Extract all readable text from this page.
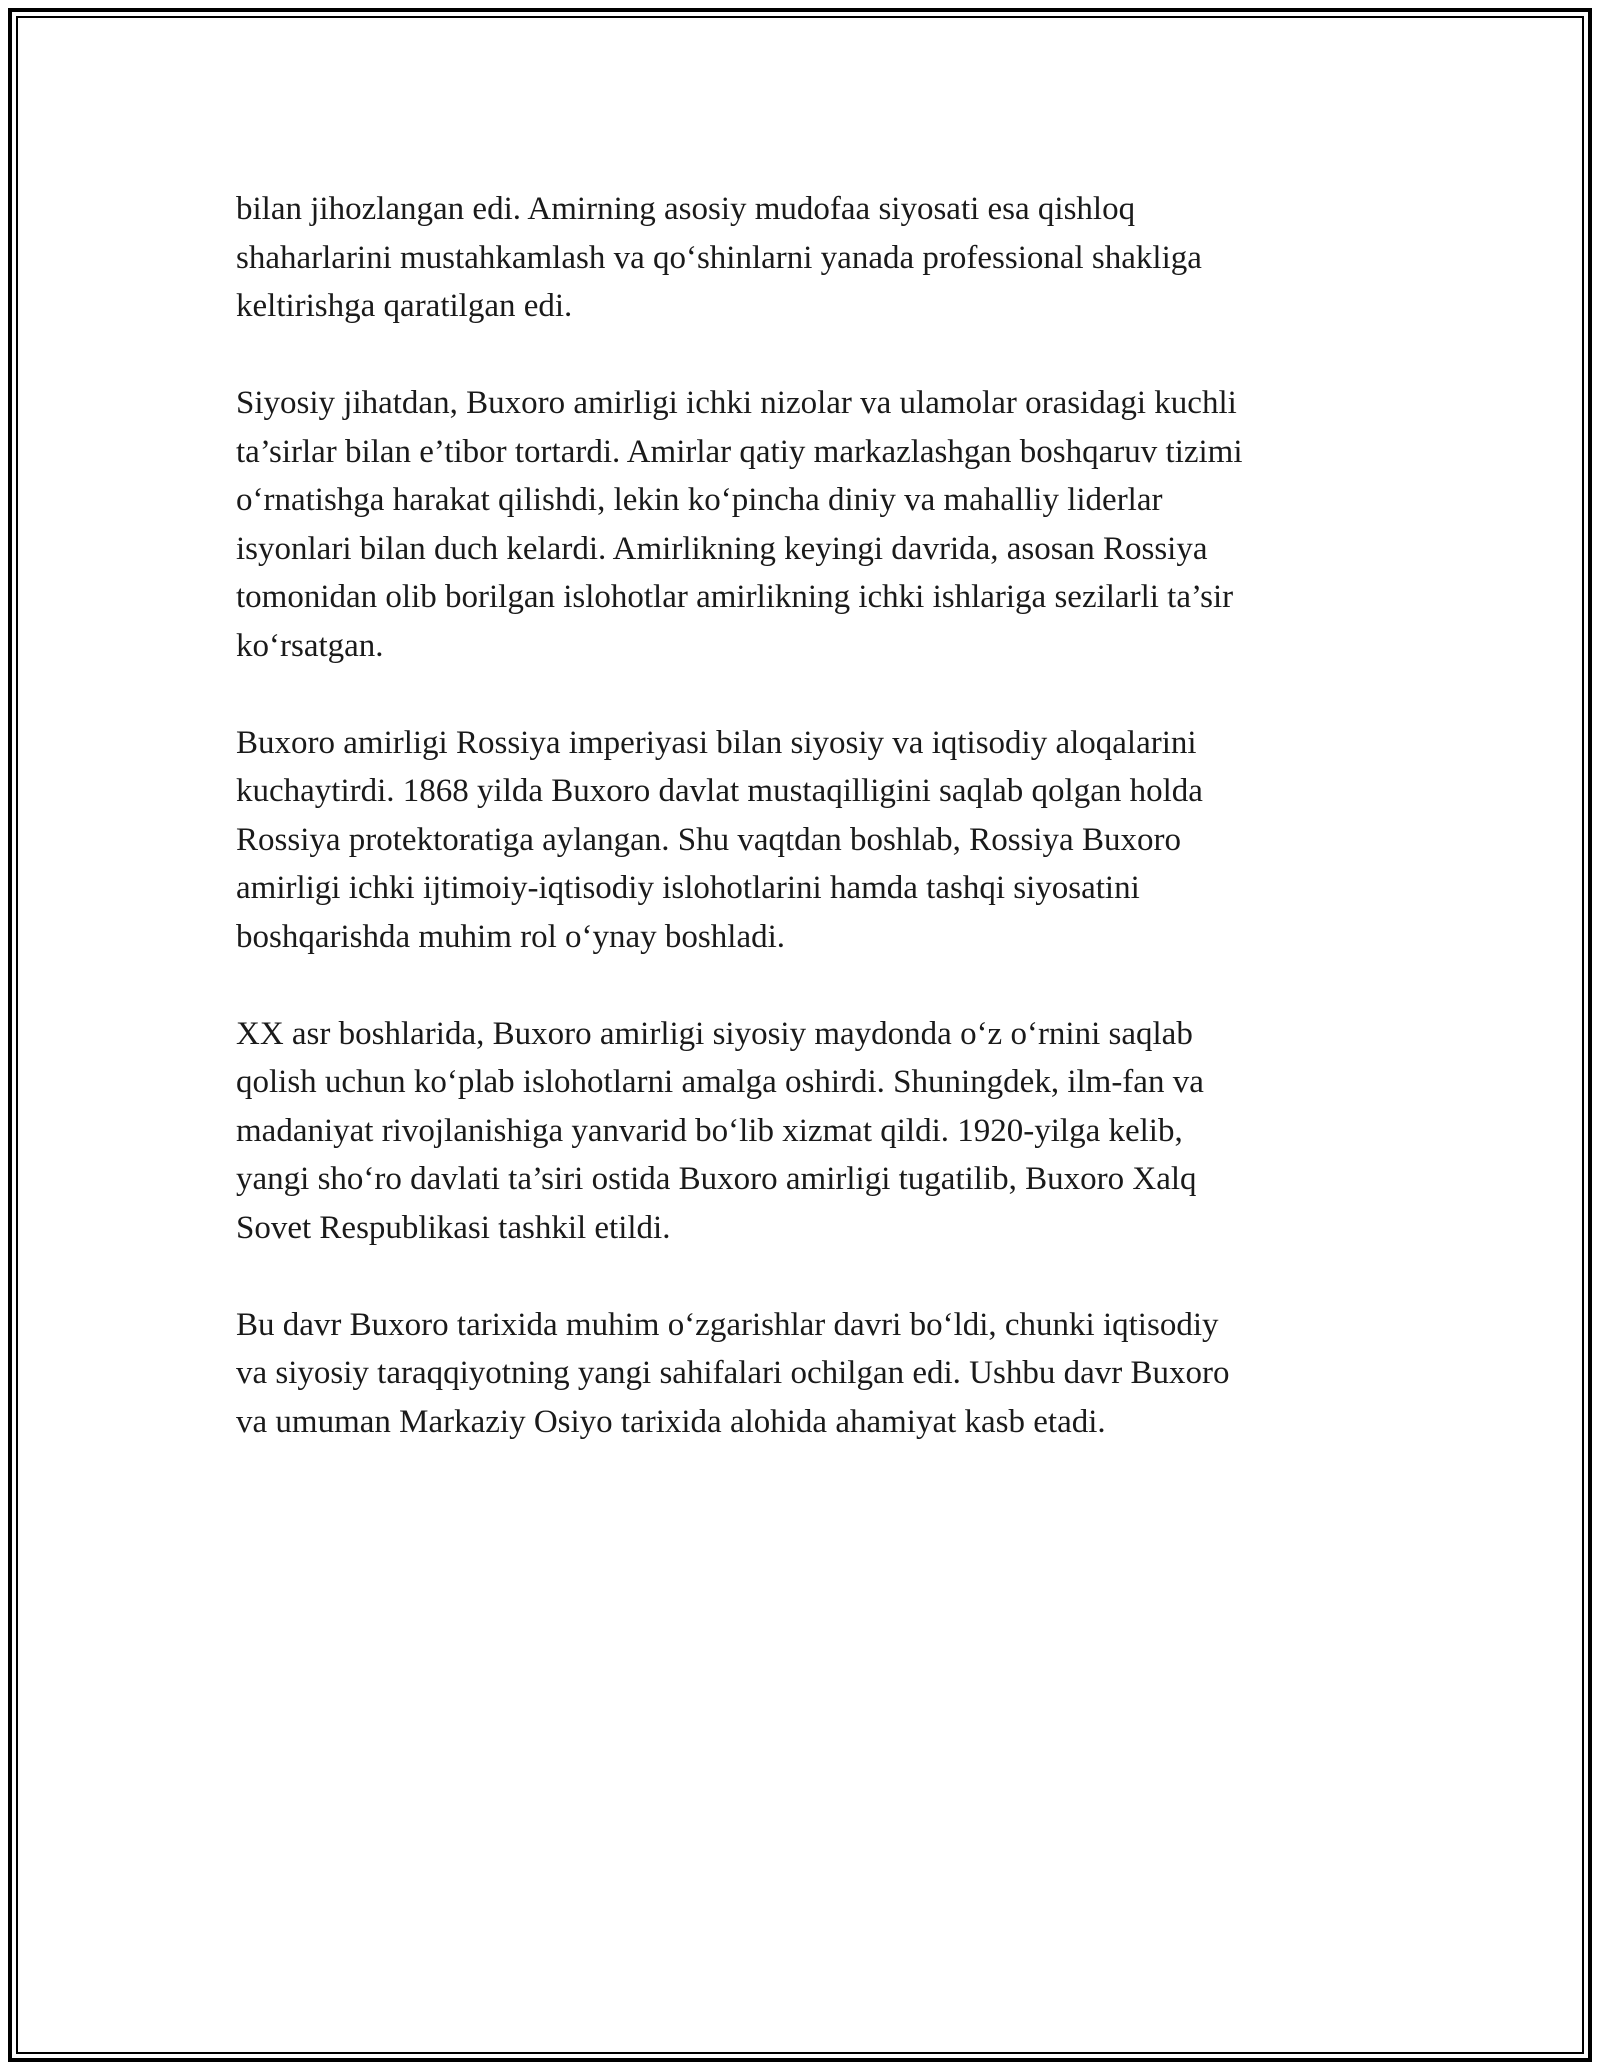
bilan jihozlangan edi. Amirning asosiy mudofaa siyosati esa qishloq
shaharlarini mustahkamlash va qo‘shinlarni yanada professional shakliga
keltirishga qaratilgan edi.

Siyosiy jihatdan, Buxoro amirligi ichki nizolar va ulamolar orasidagi kuchli
ta’sirlar bilan e’tibor tortardi. Amirlar qatiy markazlashgan boshqaruv tizimi
o‘rnatishga harakat qilishdi, lekin ko‘pincha diniy va mahalliy liderlar
isyonlari bilan duch kelardi. Amirlikning keyingi davrida, asosan Rossiya
tomonidan olib borilgan islohotlar amirlikning ichki ishlariga sezilarli ta’sir
ko‘rsatgan.

Buxoro amirligi Rossiya imperiyasi bilan siyosiy va iqtisodiy aloqalarini
kuchaytirdi. 1868 yilda Buxoro davlat mustaqilligini saqlab qolgan holda
Rossiya protektoratiga aylangan. Shu vaqtdan boshlab, Rossiya Buxoro
amirligi ichki ijtimoiy-iqtisodiy islohotlarini hamda tashqi siyosatini
boshqarishda muhim rol o‘ynay boshladi.

XX asr boshlarida, Buxoro amirligi siyosiy maydonda o‘z o‘rnini saqlab
qolish uchun ko‘plab islohotlarni amalga oshirdi. Shuningdek, ilm-fan va
madaniyat rivojlanishiga yanvarid bo‘lib xizmat qildi. 1920-yilga kelib,
yangi sho‘ro davlati ta’siri ostida Buxoro amirligi tugatilib, Buxoro Xalq
Sovet Respublikasi tashkil etildi.

Bu davr Buxoro tarixida muhim o‘zgarishlar davri bo‘ldi, chunki iqtisodiy
va siyosiy taraqqiyotning yangi sahifalari ochilgan edi. Ushbu davr Buxoro
va umuman Markaziy Osiyo tarixida alohida ahamiyat kasb etadi.
